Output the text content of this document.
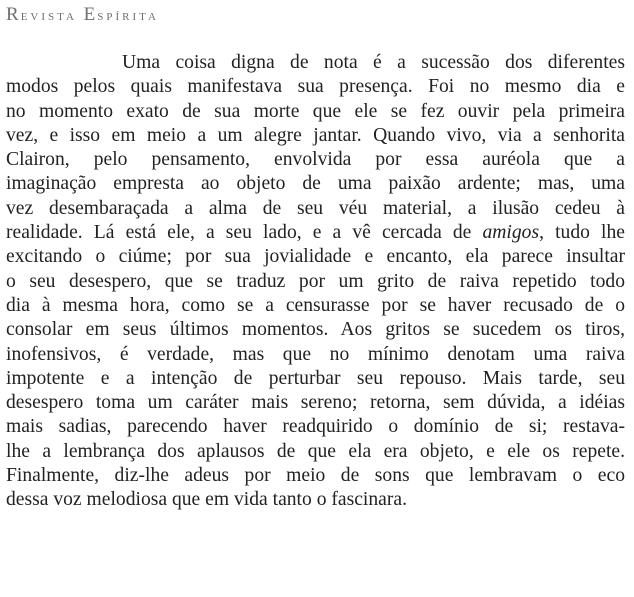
Revista Espírita
Uma coisa digna de nota é a sucessão dos diferentes
modos pelos quais manifestava sua presença. Foi no mesmo dia e
no momento exato de sua morte que ele se fez ouvir pela primeira
vez, e isso em meio a um alegre jantar. Quando vivo, via a senhorita
Clairon, pelo pensamento, envolvida por essa auréola que a
imaginação empresta ao objeto de uma paixão ardente; mas, uma
vez desembaraçada a alma de seu véu material, a ilusão cedeu à
realidade. Lá está ele, a seu lado, e a vê cercada de amigos, tudo lhe
excitando o ciúme; por sua jovialidade e encanto, ela parece insultar
o seu desespero, que se traduz por um grito de raiva repetido todo
dia à mesma hora, como se a censurasse por se haver recusado de o
consolar em seus últimos momentos. Aos gritos se sucedem os tiros,
inofensivos, é verdade, mas que no mínimo denotam uma raiva
impotente e a intenção de perturbar seu repouso. Mais tarde, seu
desespero toma um caráter mais sereno; retorna, sem dúvida, a idéias
mais sadias, parecendo haver readquirido o domínio de si; restava-
lhe a lembrança dos aplausos de que ela era objeto, e ele os repete.
Finalmente, diz-lhe adeus por meio de sons que lembravam o eco
dessa voz melodiosa que em vida tanto o fascinara.
